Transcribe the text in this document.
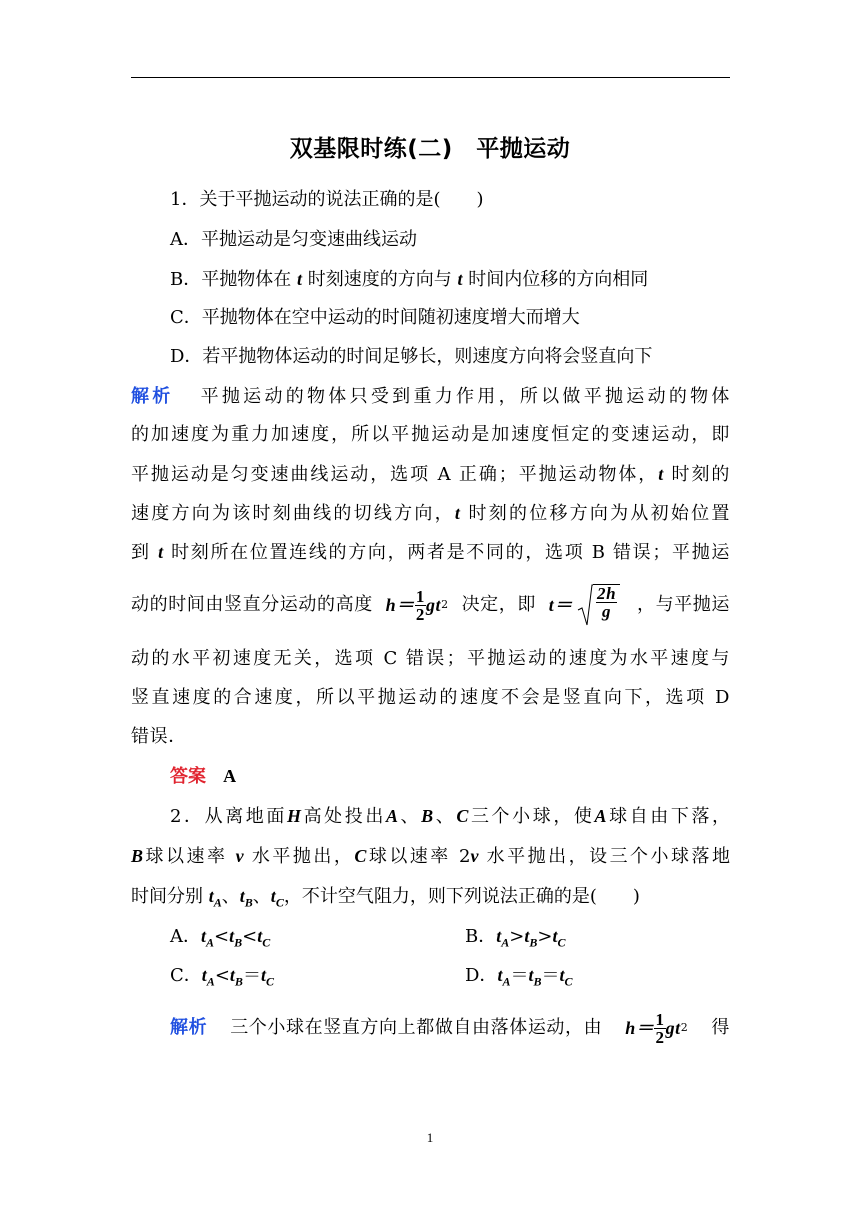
双基限时练(二)　平抛运动
1．关于平抛运动的说法正确的是(　　)
A．平抛运动是匀变速曲线运动
B．平抛物体在 t 时刻速度的方向与 t 时间内位移的方向相同
C．平抛物体在空中运动的时间随初速度增大而增大
D．若平抛物体运动的时间足够长，则速度方向将会竖直向下
解析 平抛运动的物体只受到重力作用，所以做平抛运动的物体
的加速度为重力加速度，所以平抛运动是加速度恒定的变速运动，即
平抛运动是匀变速曲线运动，选项 A 正确；平抛运动物体，t 时刻的
速度方向为该时刻曲线的切线方向，t 时刻的位移方向为从初始位置
到 t 时刻所在位置连线的方向，两者是不同的，选项 B 错误；平抛运
动的时间由竖直分运动的高度 $h= \frac{1}{2}$ gt 2 决定，即 $t= \frac{2h}{g}$ ，与平抛运
动的水平初速度无关，选项 C 错误；平抛运动的速度为水平速度与
竖直速度的合速度，所以平抛运动的速度不会是竖直向下，选项 D
错误．
答案 A
2．从离地面H高处投出A、B、C三个小球，使A球自由下落，
B球以速率 v 水平抛出，C球以速率 2v 水平抛出，设三个小球落地
时间分别 $t_A$、$t_B$、$t_C$，不计空气阻力，则下列说法正确的是(　　)
A．$t_A<t_B<t_C$	B．$t_A>t_B>t_C$
C．$t_A<t_B=t_C$	D．$t_A=t_B=t_C$
解析 三个小球在竖直方向上都做自由落体运动，由 $h= \frac{1}{2}$ gt 2 得
1
